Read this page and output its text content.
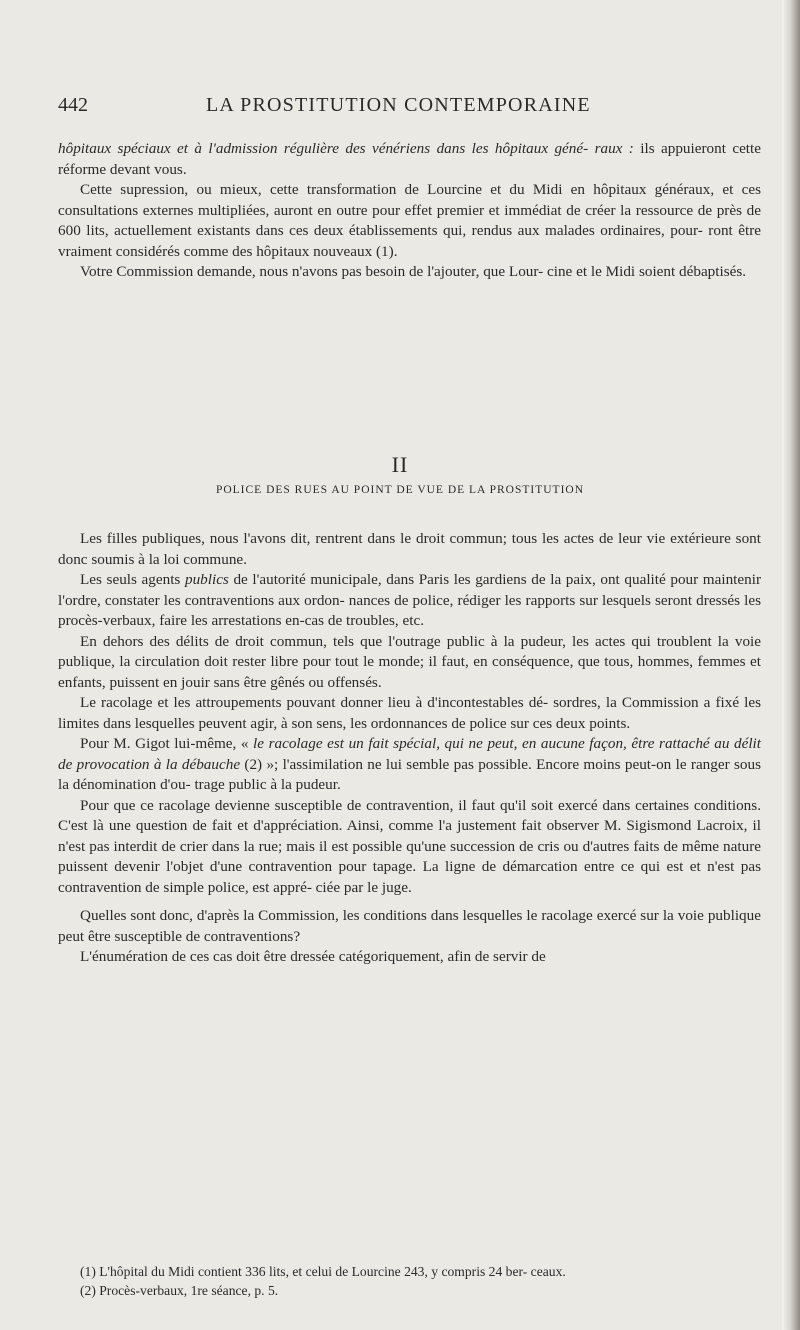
442	LA PROSTITUTION CONTEMPORAINE

hôpitaux spéciaux et à l'admission régulière des vénériens dans les hôpitaux géné- raux : ils appuieront cette réforme devant vous.

Cette supression, ou mieux, cette transformation de Lourcine et du Midi en hôpitaux généraux, et ces consultations externes multipliées, auront en outre pour effet premier et immédiat de créer la ressource de près de 600 lits, actuellement existants dans ces deux établissements qui, rendus aux malades ordinaires, pour- ront être vraiment considérés comme des hôpitaux nouveaux (1).

Votre Commission demande, nous n'avons pas besoin de l'ajouter, que Lour- cine et le Midi soient débaptisés.

II
POLICE DES RUES AU POINT DE VUE DE LA PROSTITUTION

Les filles publiques, nous l'avons dit, rentrent dans le droit commun; tous les actes de leur vie extérieure sont donc soumis à la loi commune.

Les seuls agents publics de l'autorité municipale, dans Paris les gardiens de la paix, ont qualité pour maintenir l'ordre, constater les contraventions aux ordon- nances de police, rédiger les rapports sur lesquels seront dressés les procès-verbaux, faire les arrestations en-cas de troubles, etc.

En dehors des délits de droit commun, tels que l'outrage public à la pudeur, les actes qui troublent la voie publique, la circulation doit rester libre pour tout le monde; il faut, en conséquence, que tous, hommes, femmes et enfants, puissent en jouir sans être gênés ou offensés.

Le racolage et les attroupements pouvant donner lieu à d'incontestables dé- sordres, la Commission a fixé les limites dans lesquelles peuvent agir, à son sens, les ordonnances de police sur ces deux points.

Pour M. Gigot lui-même, « le racolage est un fait spécial, qui ne peut, en aucune façon, être rattaché au délit de provocation à la débauche (2) »; l'assimilation ne lui semble pas possible. Encore moins peut-on le ranger sous la dénomination d'ou- trage public à la pudeur.

Pour que ce racolage devienne susceptible de contravention, il faut qu'il soit exercé dans certaines conditions. C'est là une question de fait et d'appréciation. Ainsi, comme l'a justement fait observer M. Sigismond Lacroix, il n'est pas interdit de crier dans la rue; mais il est possible qu'une succession de cris ou d'autres faits de même nature puissent devenir l'objet d'une contravention pour tapage. La ligne de démarcation entre ce qui est et n'est pas contravention de simple police, est appré- ciée par le juge.

Quelles sont donc, d'après la Commission, les conditions dans lesquelles le racolage exercé sur la voie publique peut être susceptible de contraventions?

L'énumération de ces cas doit être dressée catégoriquement, afin de servir de

(1) L'hôpital du Midi contient 336 lits, et celui de Lourcine 243, y compris 24 ber- ceaux.

(2) Procès-verbaux, 1re séance, p. 5.
